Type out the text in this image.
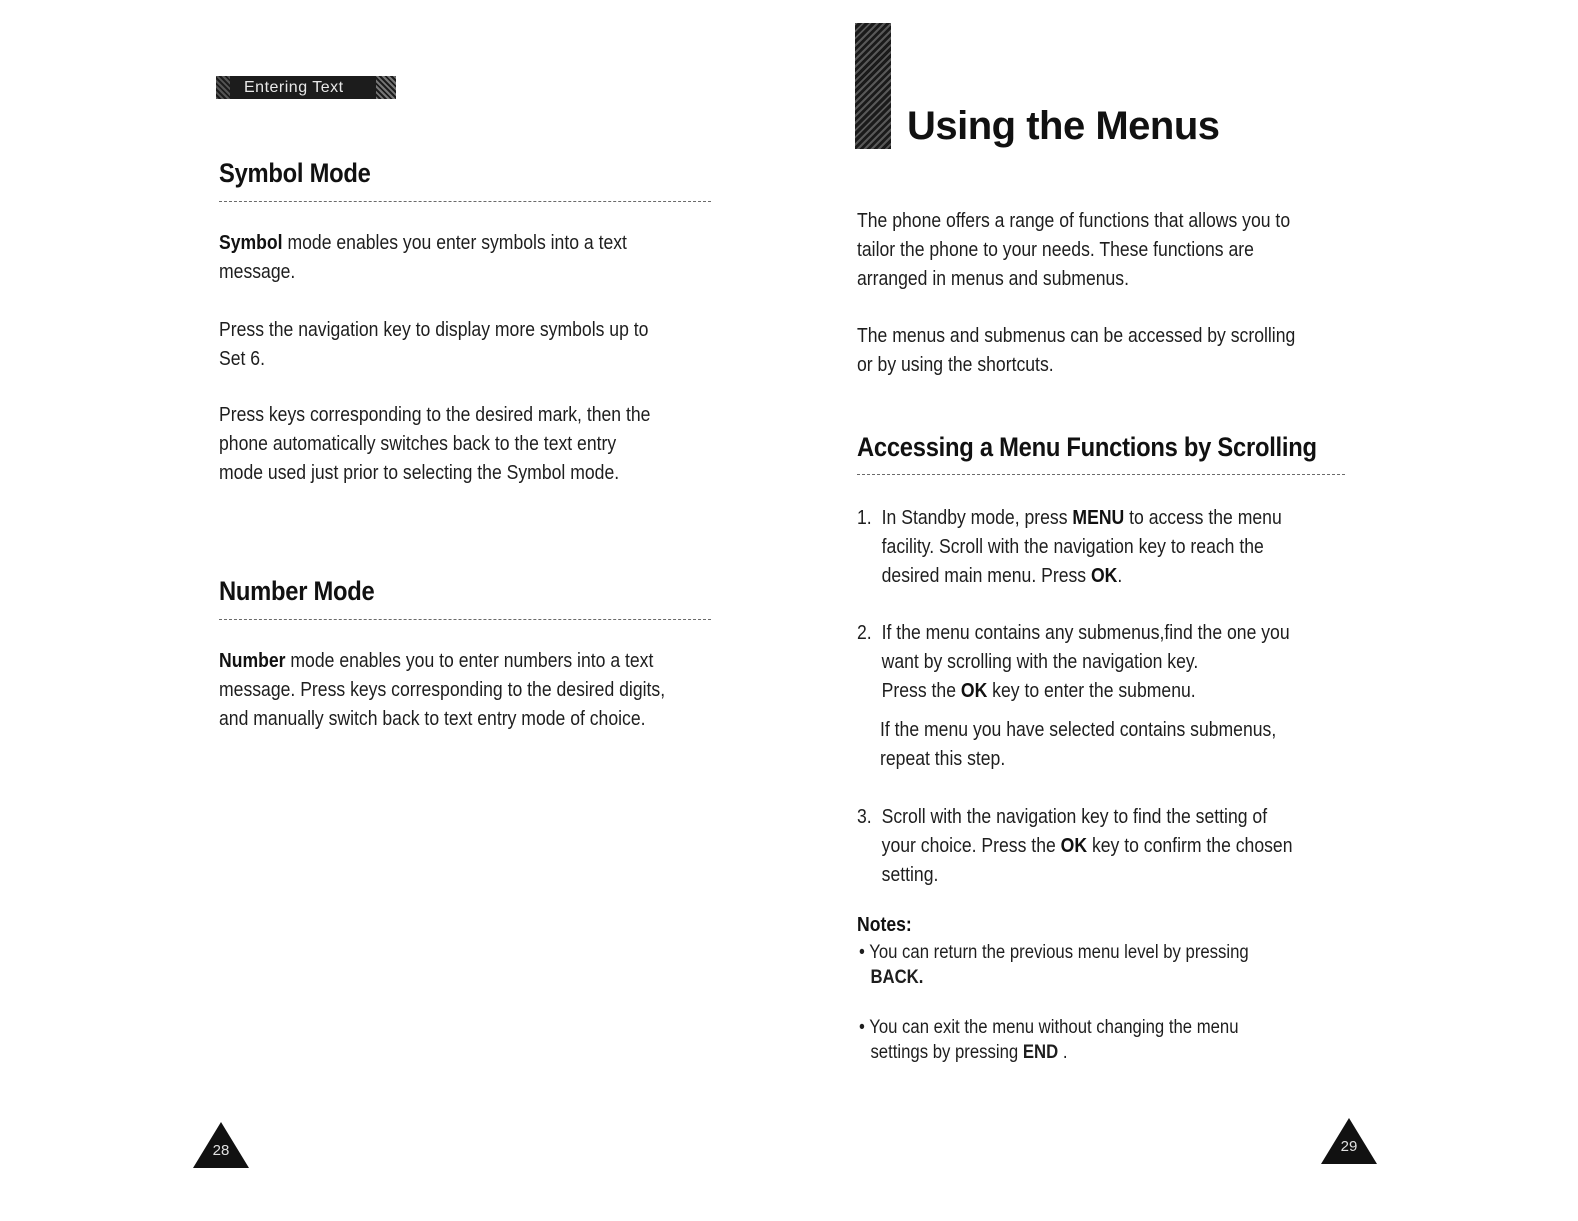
Entering Text
Symbol Mode
Symbol mode enables you enter symbols into a text
message.
Press the navigation key to display more symbols up to
Set 6.
Press keys corresponding to the desired mark, then the
phone automatically switches back to the text entry
mode used just prior to selecting the Symbol mode.
Number Mode
Number mode enables you to enter numbers into a text
message. Press keys corresponding to the desired digits,
and manually switch back to text entry mode of choice.
28
Using the Menus
The phone offers a range of functions that allows you to
tailor the phone to your needs. These functions are
arranged in menus and submenus.
The menus and submenus can be accessed by scrolling
or by using the shortcuts.
Accessing a Menu Functions by Scrolling
1. In Standby mode, press MENU to access the menu
facility. Scroll with the navigation key to reach the
desired main menu. Press OK.
2. If the menu contains any submenus,find the one you
want by scrolling with the navigation key.
Press the OK key to enter the submenu.
If the menu you have selected contains submenus,
repeat this step.
3. Scroll with the navigation key to find the setting of
your choice. Press the OK key to confirm the chosen
setting.
Notes:
• You can return the previous menu level by pressing
BACK.
• You can exit the menu without changing the menu
settings by pressing END .
29
